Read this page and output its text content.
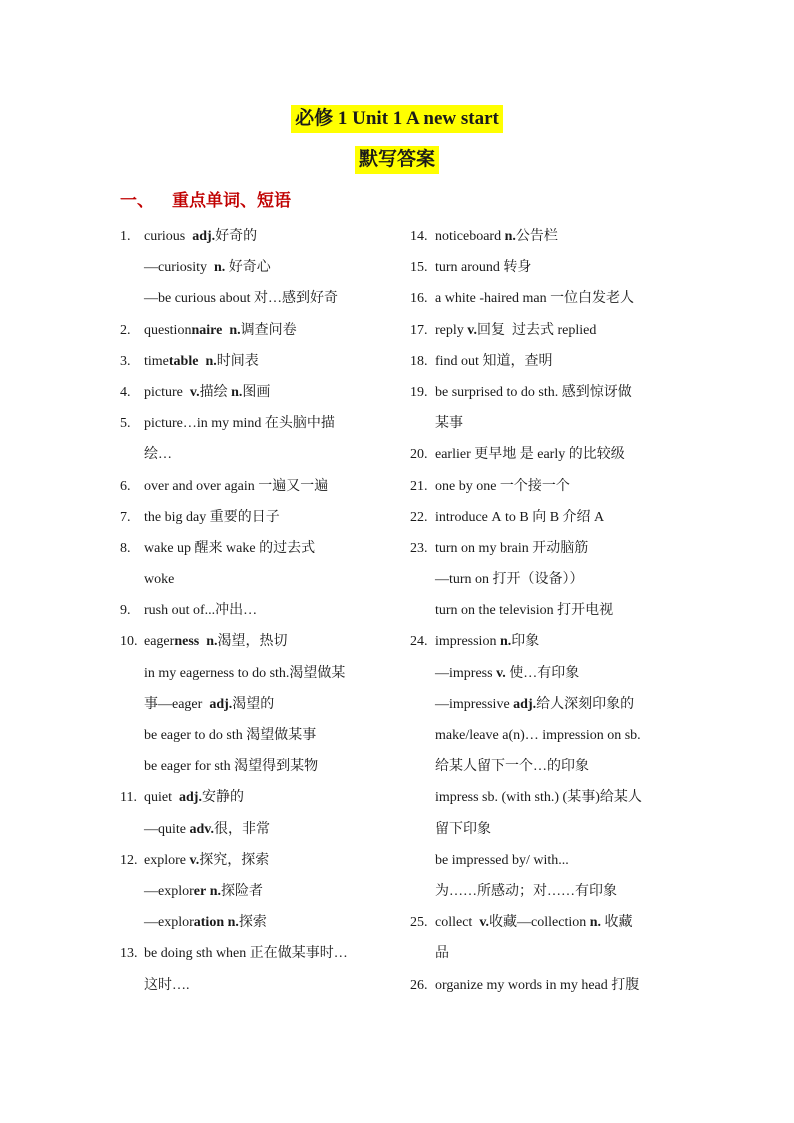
必修 1 Unit 1 A new start
默写答案
一、 重点单词、短语
1. curious  adj.好奇的
—curiosity  n. 好奇心
—be curious about 对…感到好奇
2. questionnaire n.调查问卷
3. timetable n.时间表
4. picture  v.描绘 n.图画
5. picture…in my mind 在头脑中描
绘…
6. over and over again 一遍又一遍
7. the big day 重要的日子
8. wake up 醒来 wake 的过去式
woke
9. rush out of...冲出…
10. eagerness n.渴望，热切
in my eagerness to do sth.渴望做某
事—eager  adj.渴望的
be eager to do sth 渴望做某事
be eager for sth 渴望得到某物
11. quiet  adj.安静的
—quite adv.很，非常
12. explore v.探究，探索
—explorer n.探险者
—exploration n.探索
13. be doing sth when 正在做某事时…
这时….
14. noticeboard n.公告栏
15. turn around 转身
16. a white -haired man 一位白发老人
17. reply v.回复  过去式 replied
18. find out 知道，查明
19. be surprised to do sth. 感到惊讶做
某事
20. earlier 更早地 是 early 的比较级
21. one by one 一个接一个
22. introduce A to B 向 B 介绍 A
23. turn on my brain 开动脑筋
—turn on 打开（设备））
turn on the television 打开电视
24. impression n.印象
—impress v. 使…有印象
—impressive adj.给人深刻印象的
make/leave a(n)… impression on sb.
给某人留下一个…的印象
impress sb. (with sth.) (某事)给某人
留下印象
be impressed by/ with...
为……所感动；对……有印象
25. collect  v.收藏—collection n. 收藏
品
26. organize my words in my head 打腹
